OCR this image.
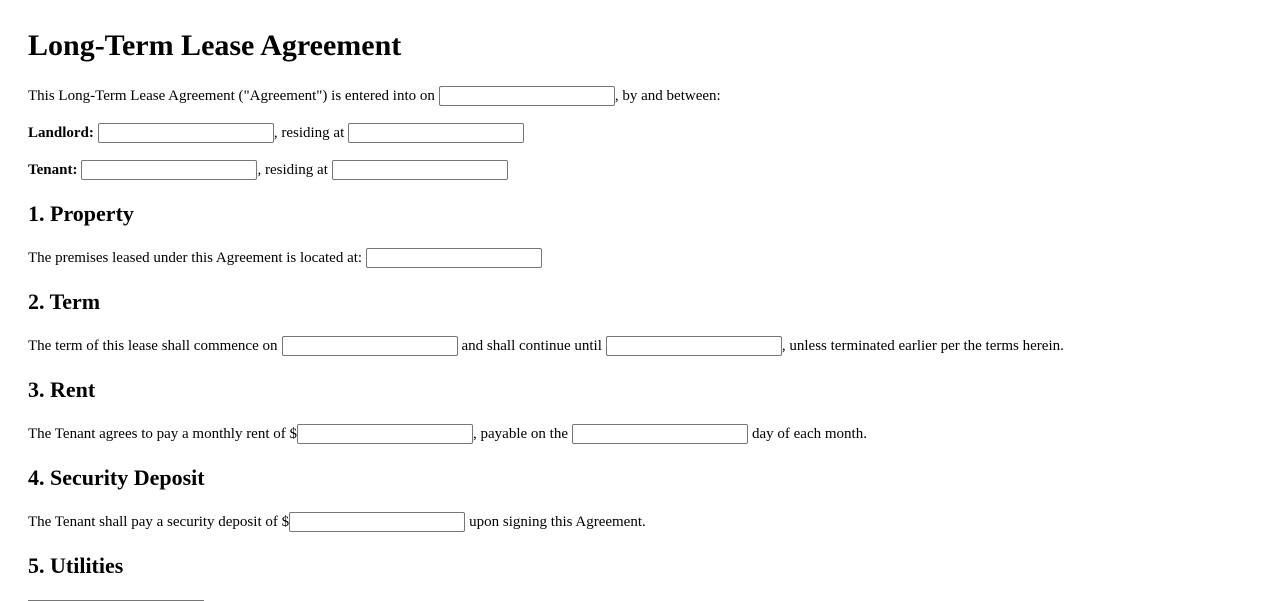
Long-Term Lease Agreement
This Long-Term Lease Agreement ("Agreement") is entered into on	, by and between:
Landlord:	, residing at
Tenant:	, residing at
1. Property
The premises leased under this Agreement is located at:
2. Term
The term of this lease shall commence on	and shall continue until	, unless terminated earlier per the terms herein.
3. Rent
The Tenant agrees to pay a monthly rent of $	, payable on the	day of each month.
4. Security Deposit
The Tenant shall pay a security deposit of $	upon signing this Agreement.
5. Utilities
